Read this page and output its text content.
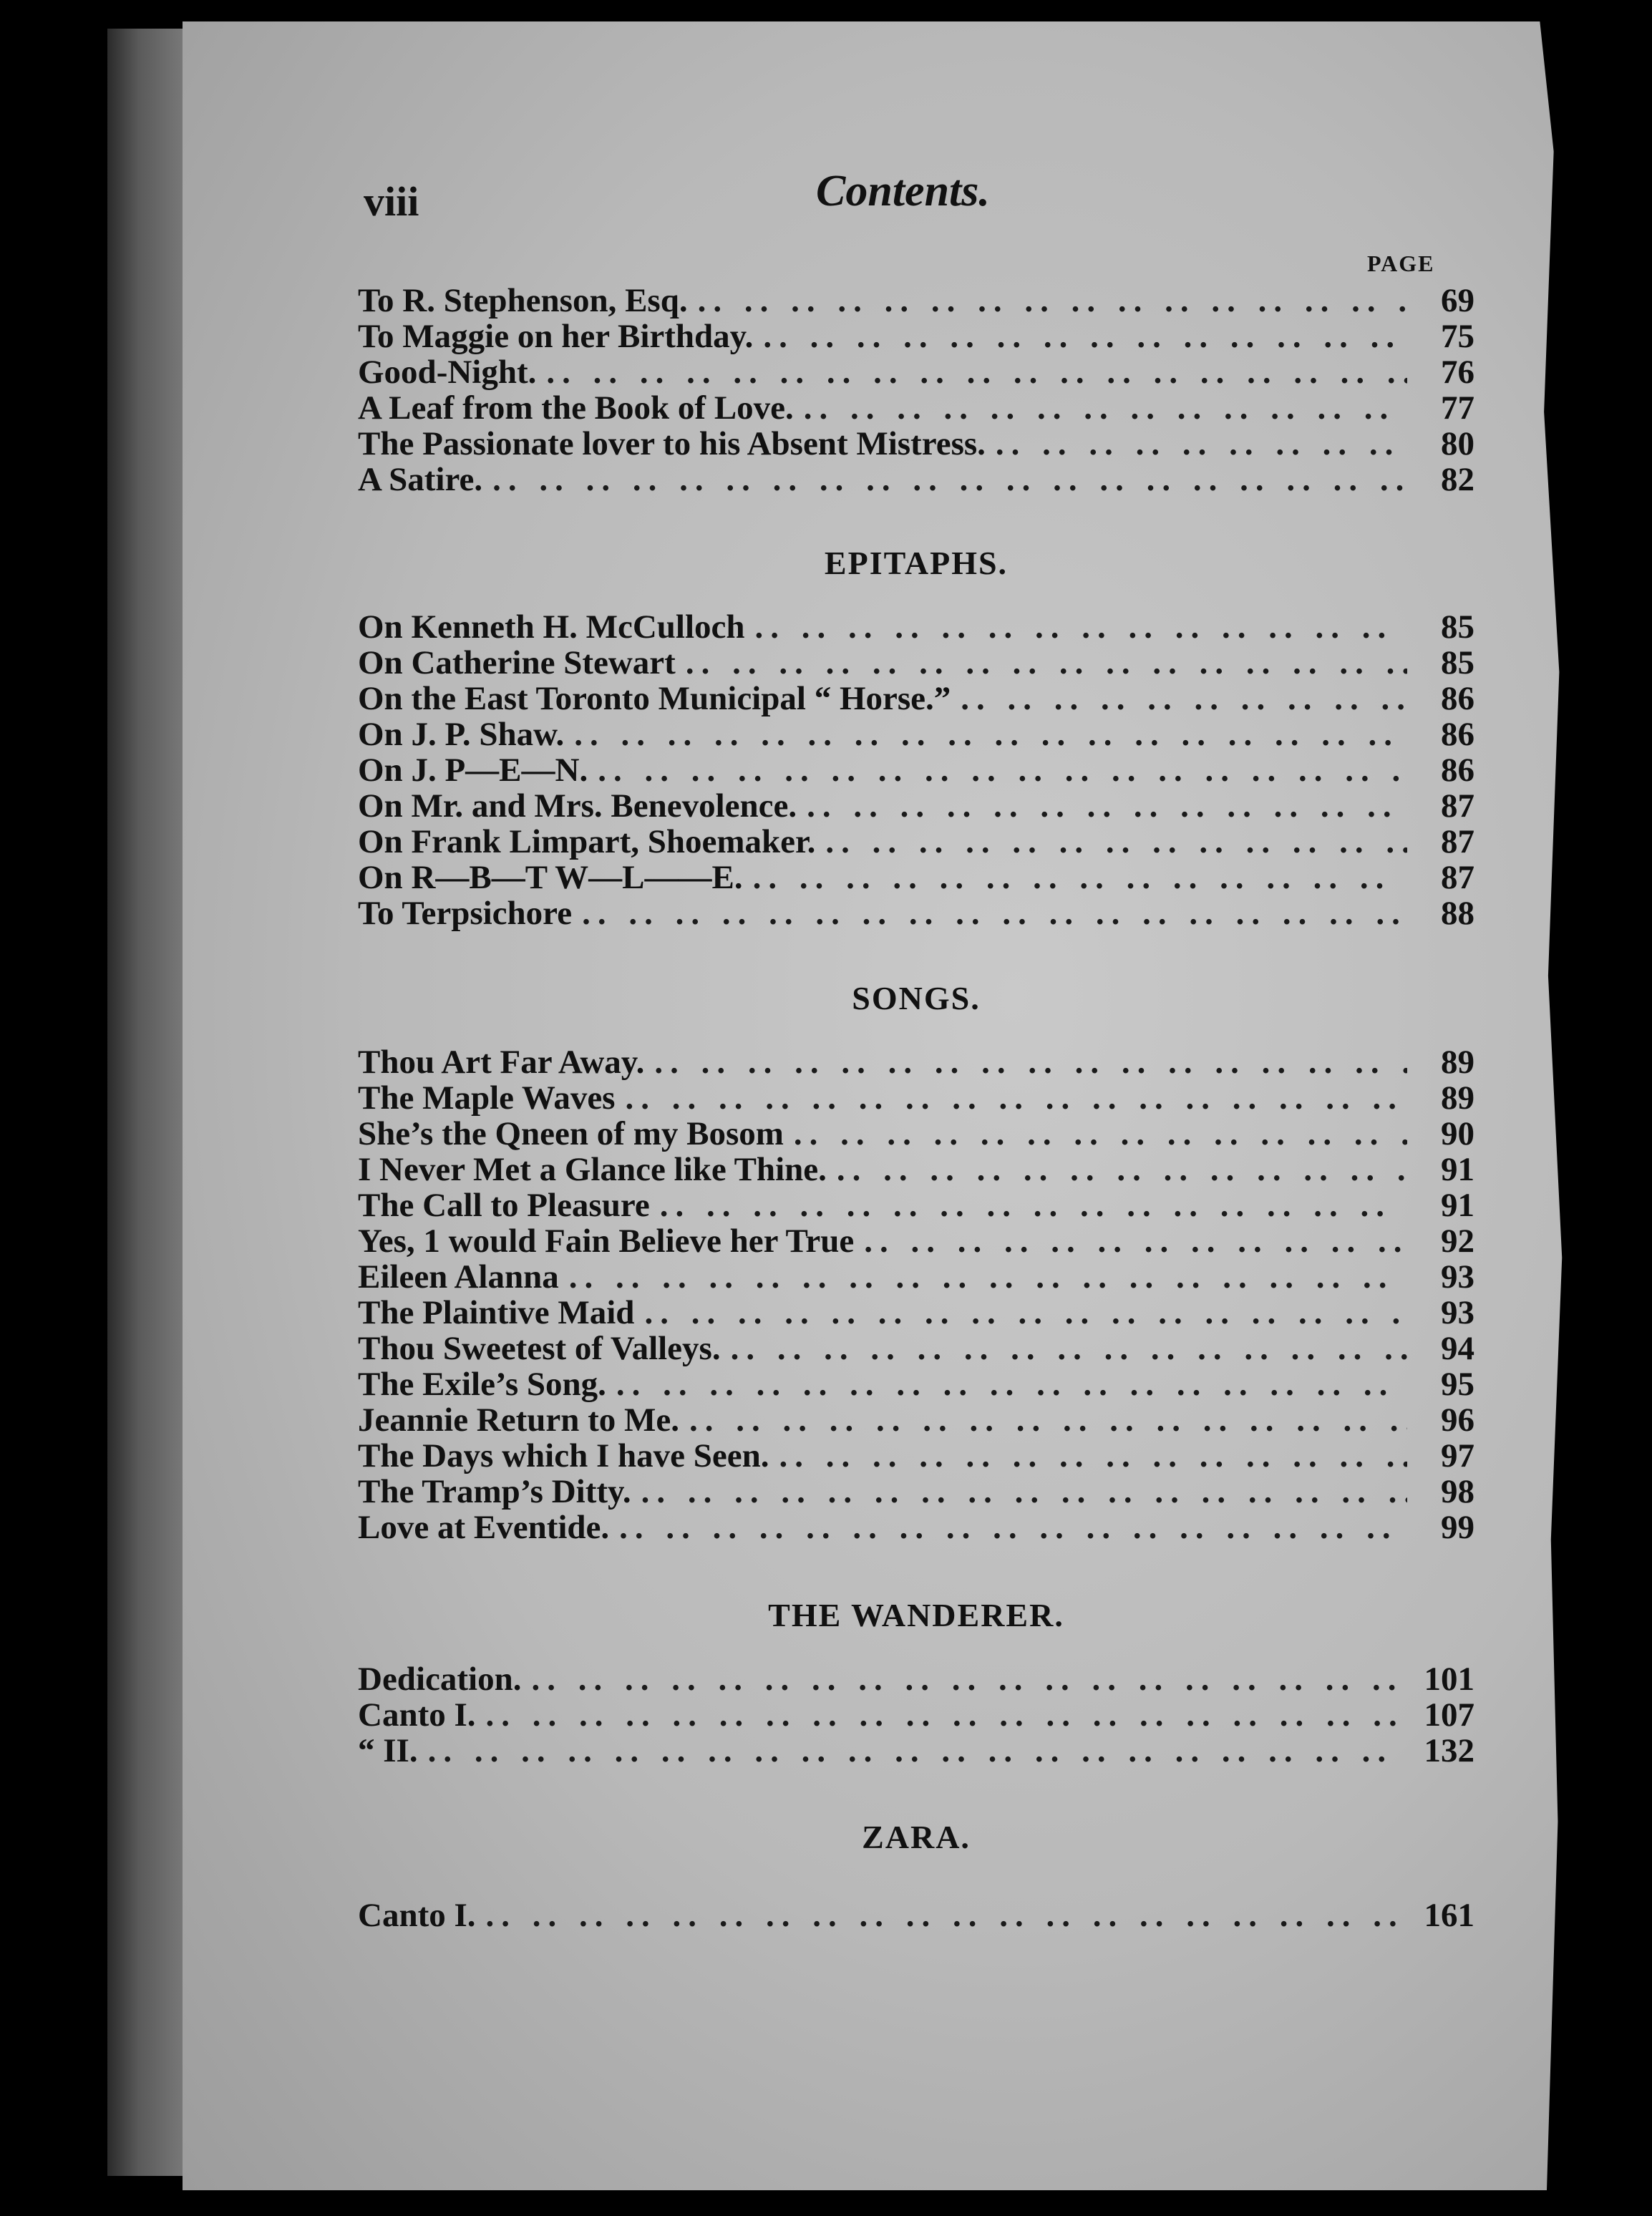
viii	Contents.
PAGE
To R. Stephenson, Esq. .. ..	69
To Maggie on her Birthday. .. ..	75
Good-Night. .. ..	76
A Leaf from the Book of Love. .. ..	77
The Passionate lover to his Absent Mistress. .. ..	80
A Satire. .. ..	82
EPITAPHS.
On Kenneth H. McCulloch .. ..	85
On Catherine Stewart .. ..	85
On the East Toronto Municipal “ Horse.” .. ..	86
On J. P. Shaw. .. ..	86
On J. P—E—N. .. ..	86
On Mr. and Mrs. Benevolence. .. ..	87
On Frank Limpart, Shoemaker. .. ..	87
On R—B—T W—L——E. .. ..	87
To Terpsichore .. ..	88
SONGS.
Thou Art Far Away. .. ..	89
The Maple Waves .. ..	89
She’s the Qneen of my Bosom .. ..	90
I Never Met a Glance like Thine. .. ..	91
The Call to Pleasure .. ..	91
Yes, 1 would Fain Believe her True .. ..	92
Eileen Alanna .. ..	93
The Plaintive Maid .. ..	93
Thou Sweetest of Valleys. .. ..	94
The Exile’s Song. .. ..	95
Jeannie Return to Me. .. ..	96
The Days which I have Seen. .. ..	97
The Tramp’s Ditty. .. ..	98
Love at Eventide. .. ..	99
THE WANDERER.
Dedication. .. ..	101
Canto I. .. ..	107
“ II. .. ..	132
ZARA.
Canto I. .. ..	161
